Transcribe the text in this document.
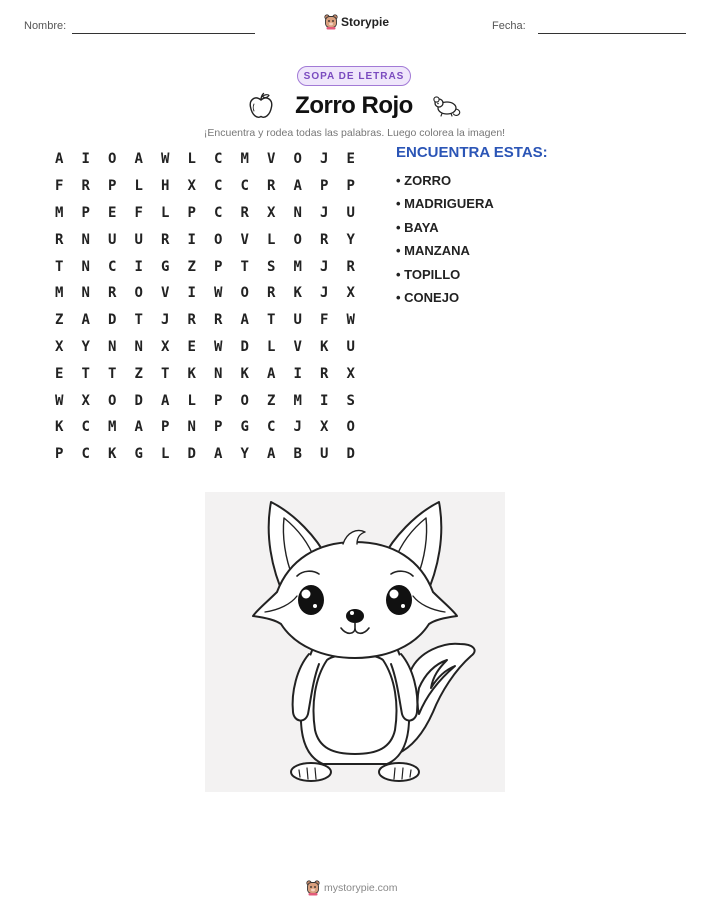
Nombre:	Storypie	Fecha:
SOPA DE LETRAS
Zorro Rojo
¡Encuentra y rodea todas las palabras. Luego colorea la imagen!
A	I	O	A	W	L	C	M	V	O	J	E
F	R	P	L	H	X	C	C	R	A	P	P
M	P	E	F	L	P	C	R	X	N	J	U
R	N	U	U	R	I	O	V	L	O	R	Y
T	N	C	I	G	Z	P	T	S	M	J	R
M	N	R	O	V	I	W	O	R	K	J	X
Z	A	D	T	J	R	R	A	T	U	F	W
X	Y	N	N	X	E	W	D	L	V	K	U
E	T	T	Z	T	K	N	K	A	I	R	X
W	X	O	D	A	L	P	O	Z	M	I	S
K	C	M	A	P	N	P	G	C	J	X	O
P	C	K	G	L	D	A	Y	A	B	U	D
ENCUENTRA ESTAS:
• ZORRO
• MADRIGUERA
• BAYA
• MANZANA
• TOPILLO
• CONEJO
mystorypie.com
